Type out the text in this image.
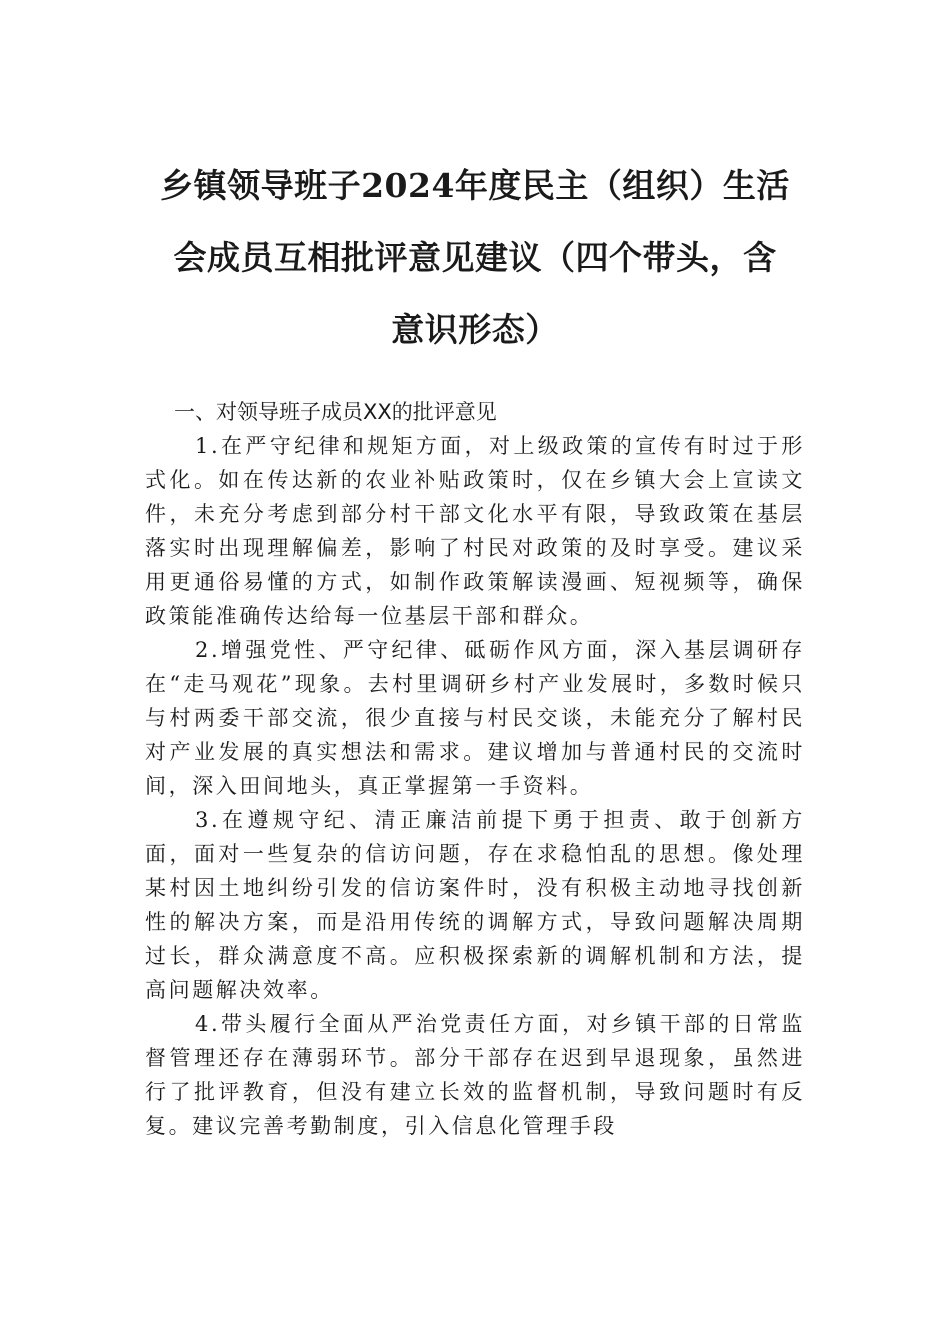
乡镇领导班子2024年度民主（组织）生活
会成员互相批评意见建议（四个带头，含
意识形态）
一、对领导班子成员XX的批评意见

1.在严守纪律和规矩方面，对上级政策的宣传有时过于形式化。如在传达新的农业补贴政策时，仅在乡镇大会上宣读文件，未充分考虑到部分村干部文化水平有限，导致政策在基层落实时出现理解偏差，影响了村民对政策的及时享受。建议采用更通俗易懂的方式，如制作政策解读漫画、短视频等，确保政策能准确传达给每一位基层干部和群众。

2.增强党性、严守纪律、砥砺作风方面，深入基层调研存在“走马观花”现象。去村里调研乡村产业发展时，多数时候只与村两委干部交流，很少直接与村民交谈，未能充分了解村民对产业发展的真实想法和需求。建议增加与普通村民的交流时间，深入田间地头，真正掌握第一手资料。

3.在遵规守纪、清正廉洁前提下勇于担责、敢于创新方面，面对一些复杂的信访问题，存在求稳怕乱的思想。像处理某村因土地纠纷引发的信访案件时，没有积极主动地寻找创新性的解决方案，而是沿用传统的调解方式，导致问题解决周期过长，群众满意度不高。应积极探索新的调解机制和方法，提高问题解决效率。

4.带头履行全面从严治党责任方面，对乡镇干部的日常监督管理还存在薄弱环节。部分干部存在迟到早退现象，虽然进行了批评教育，但没有建立长效的监督机制，导致问题时有反复。建议完善考勤制度，引入信息化管理手段
